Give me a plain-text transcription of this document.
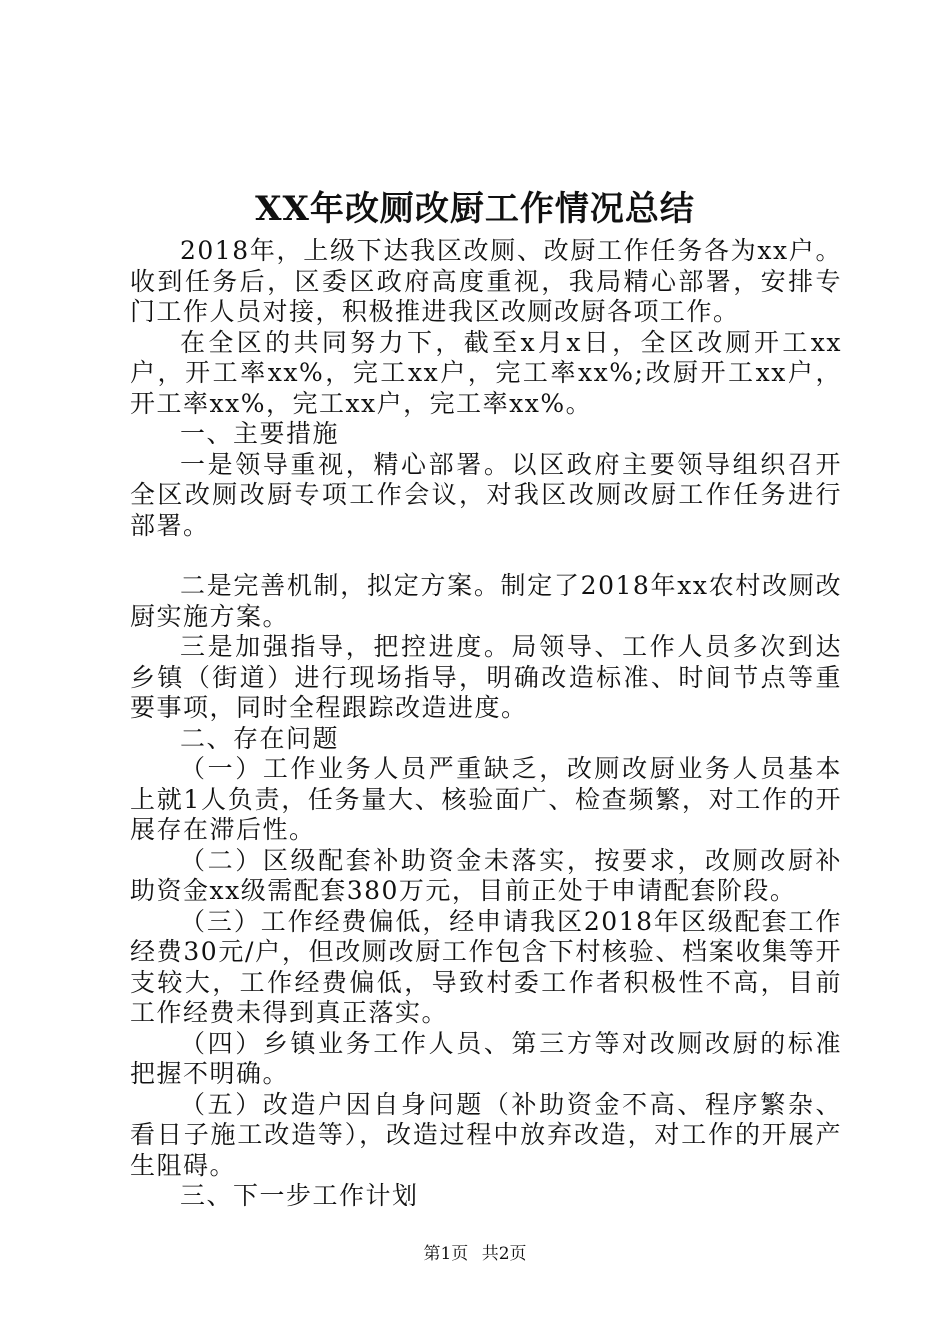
XX年改厕改厨工作情况总结

2018年，上级下达我区改厕、改厨工作任务各为xx户。收到任务后，区委区政府高度重视，我局精心部署，安排专门工作人员对接，积极推进我区改厕改厨各项工作。

在全区的共同努力下，截至x月x日，全区改厕开工xx户，开工率xx%，完工xx户，完工率xx%;改厨开工xx户，开工率xx%，完工xx户，完工率xx%。

一、主要措施

一是领导重视，精心部署。以区政府主要领导组织召开全区改厕改厨专项工作会议，对我区改厕改厨工作任务进行部署。

二是完善机制，拟定方案。制定了2018年xx农村改厕改厨实施方案。

三是加强指导，把控进度。局领导、工作人员多次到达乡镇（街道）进行现场指导，明确改造标准、时间节点等重要事项，同时全程跟踪改造进度。

二、存在问题

（一）工作业务人员严重缺乏，改厕改厨业务人员基本上就1人负责，任务量大、核验面广、检查频繁，对工作的开展存在滞后性。

（二）区级配套补助资金未落实，按要求，改厕改厨补助资金xx级需配套380万元，目前正处于申请配套阶段。

（三）工作经费偏低，经申请我区2018年区级配套工作经费30元/户，但改厕改厨工作包含下村核验、档案收集等开支较大，工作经费偏低，导致村委工作者积极性不高，目前工作经费未得到真正落实。

（四）乡镇业务工作人员、第三方等对改厕改厨的标准把握不明确。

（五）改造户因自身问题（补助资金不高、程序繁杂、看日子施工改造等），改造过程中放弃改造，对工作的开展产生阻碍。

三、下一步工作计划

第1页 共2页
